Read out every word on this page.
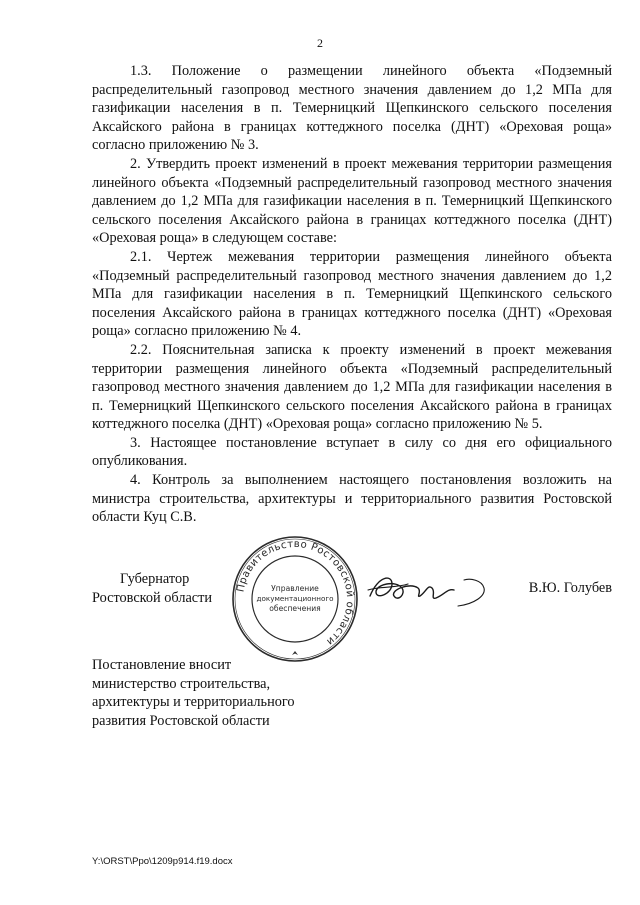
2

1.3. Положение о размещении линейного объекта «Подземный распределительный газопровод местного значения давлением до 1,2 МПа для газификации населения в п. Темерницкий Щепкинского сельского поселения Аксайского района в границах коттеджного поселка (ДНТ) «Ореховая роща» согласно приложению № 3.

2. Утвердить проект изменений в проект межевания территории размещения линейного объекта «Подземный распределительный газопровод местного значения давлением до 1,2 МПа для газификации населения в п. Темерницкий Щепкинского сельского поселения Аксайского района в границах коттеджного поселка (ДНТ) «Ореховая роща» в следующем составе:

2.1. Чертеж межевания территории размещения линейного объекта «Подземный распределительный газопровод местного значения давлением до 1,2 МПа для газификации населения в п. Темерницкий Щепкинского сельского поселения Аксайского района в границах коттеджного поселка (ДНТ) «Ореховая роща» согласно приложению № 4.

2.2. Пояснительная записка к проекту изменений в проект межевания территории размещения линейного объекта «Подземный распределительный газопровод местного значения давлением до 1,2 МПа для газификации населения в п. Темерницкий Щепкинского сельского поселения Аксайского района в границах коттеджного поселка (ДНТ) «Ореховая роща» согласно приложению № 5.

3. Настоящее постановление вступает в силу со дня его официального опубликования.

4. Контроль за выполнением настоящего постановления возложить на министра строительства, архитектуры и территориального развития Ростовской области Куц С.В.

Губернатор
Ростовской области
Правительство Ростовской области
Управление
документационного
обеспечения
В.Ю. Голубев
Постановление вносит
министерство строительства,
архитектуры и территориального
развития Ростовской области
Y:\ORST\Ppo\1209p914.f19.docx
